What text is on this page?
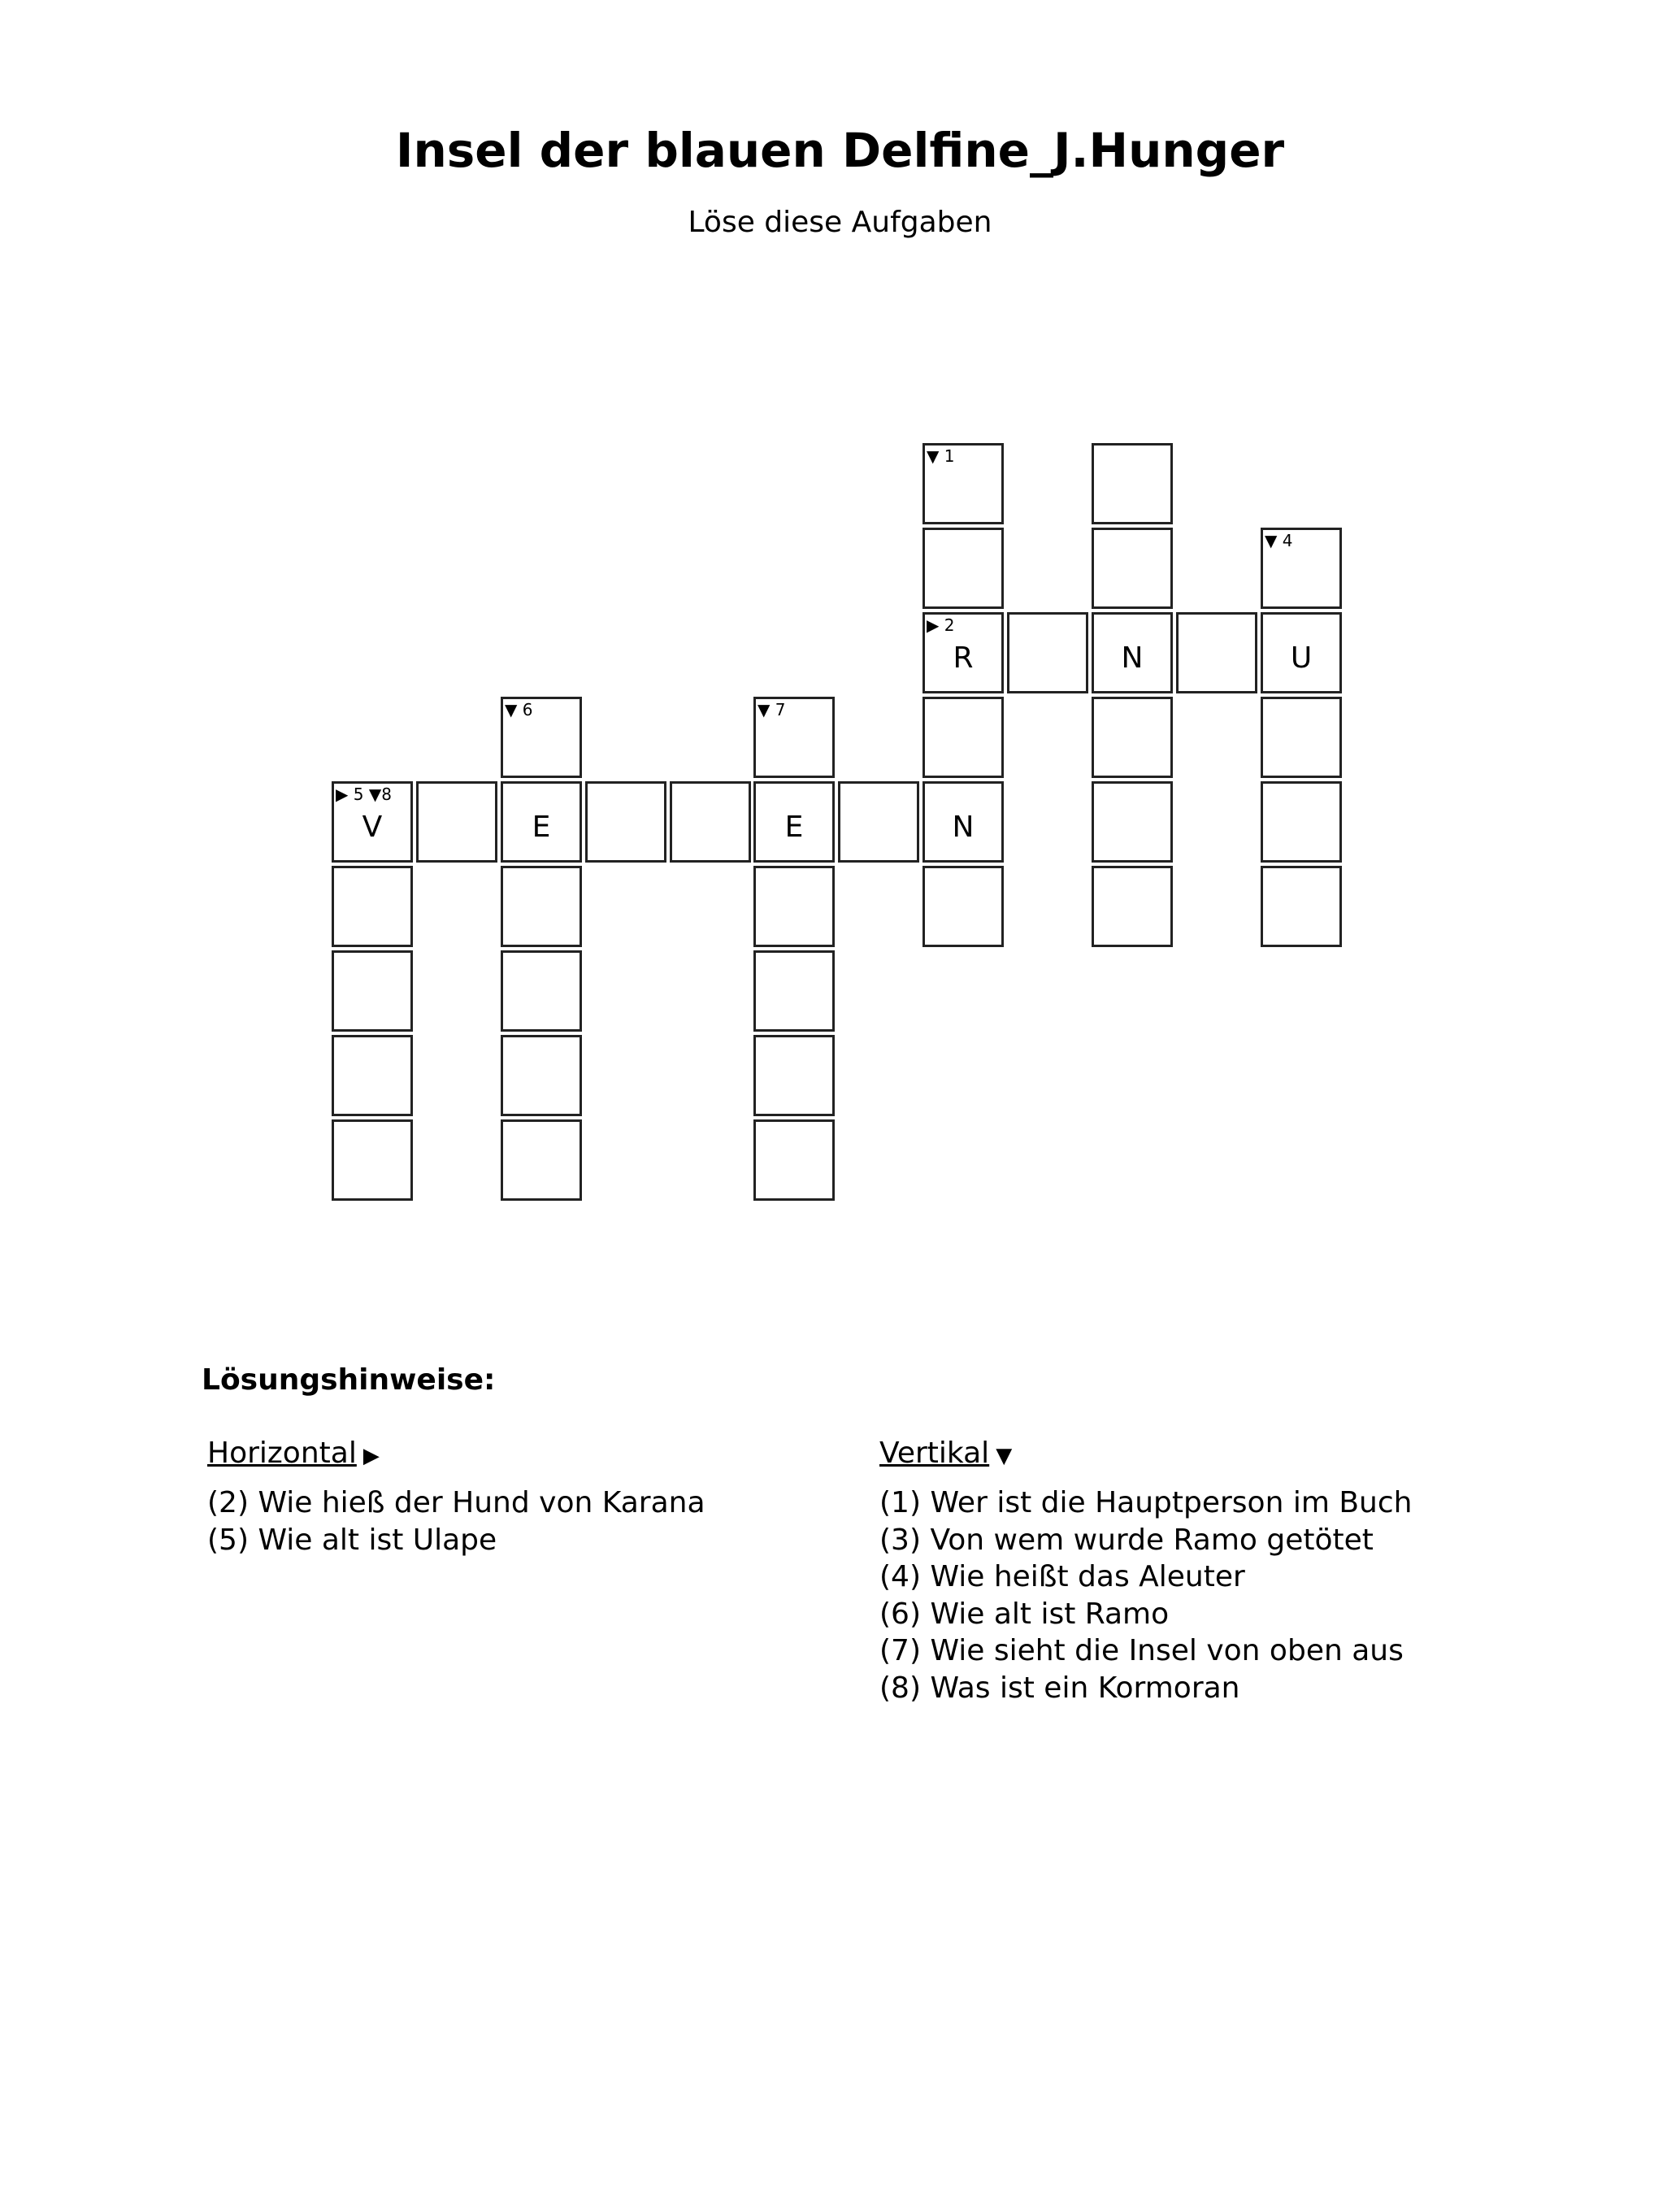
Insel der blauen Delfine_J.Hunger
Löse diese Aufgaben
▼ 1
▶ 2
R
N
N
▼ 4
U
▶ 5 ▼8
V
▼ 6
E
▼ 7
E
Lösungshinweise:
Horizontal ▶
(2) Wie hieß der Hund von Karana
(5) Wie alt ist Ulape
Vertikal ▼
(1) Wer ist die Hauptperson im Buch
(3) Von wem wurde Ramo getötet
(4) Wie heißt das Aleuter
(6) Wie alt ist Ramo
(7) Wie sieht die Insel von oben aus
(8) Was ist ein Kormoran
